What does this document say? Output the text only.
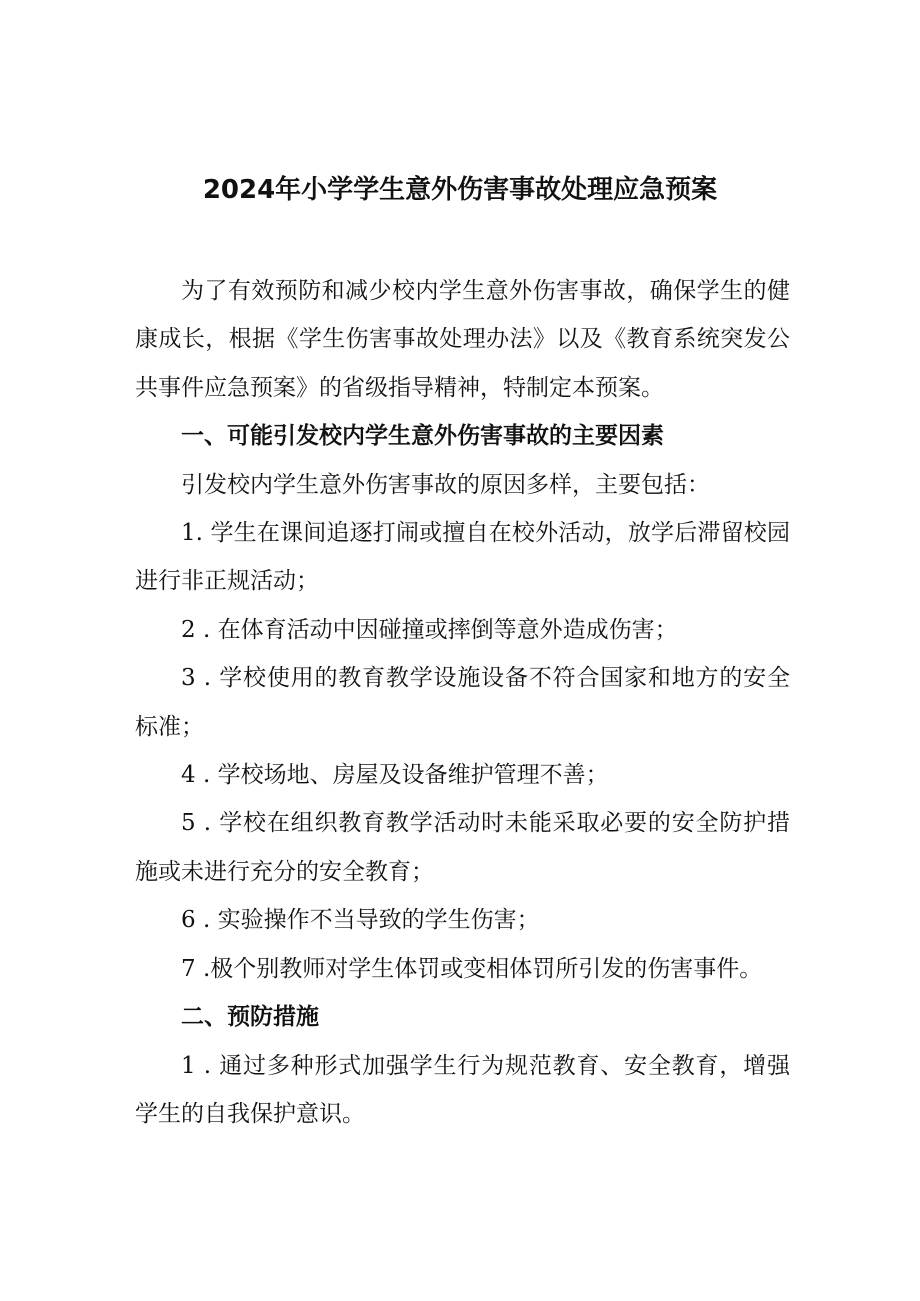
2024年小学学生意外伤害事故处理应急预案

为了有效预防和减少校内学生意外伤害事故，确保学生的健康成长，根据《学生伤害事故处理办法》以及《教育系统突发公共事件应急预案》的省级指导精神，特制定本预案。

一、可能引发校内学生意外伤害事故的主要因素

引发校内学生意外伤害事故的原因多样，主要包括：

1. 学生在课间追逐打闹或擅自在校外活动，放学后滞留校园进行非正规活动；

2 . 在体育活动中因碰撞或摔倒等意外造成伤害；

3 . 学校使用的教育教学设施设备不符合国家和地方的安全标准；

4 . 学校场地、房屋及设备维护管理不善；

5 . 学校在组织教育教学活动时未能采取必要的安全防护措施或未进行充分的安全教育；

6 . 实验操作不当导致的学生伤害；

7 .极个别教师对学生体罚或变相体罚所引发的伤害事件。

二、预防措施

1 . 通过多种形式加强学生行为规范教育、安全教育，增强学生的自我保护意识。
